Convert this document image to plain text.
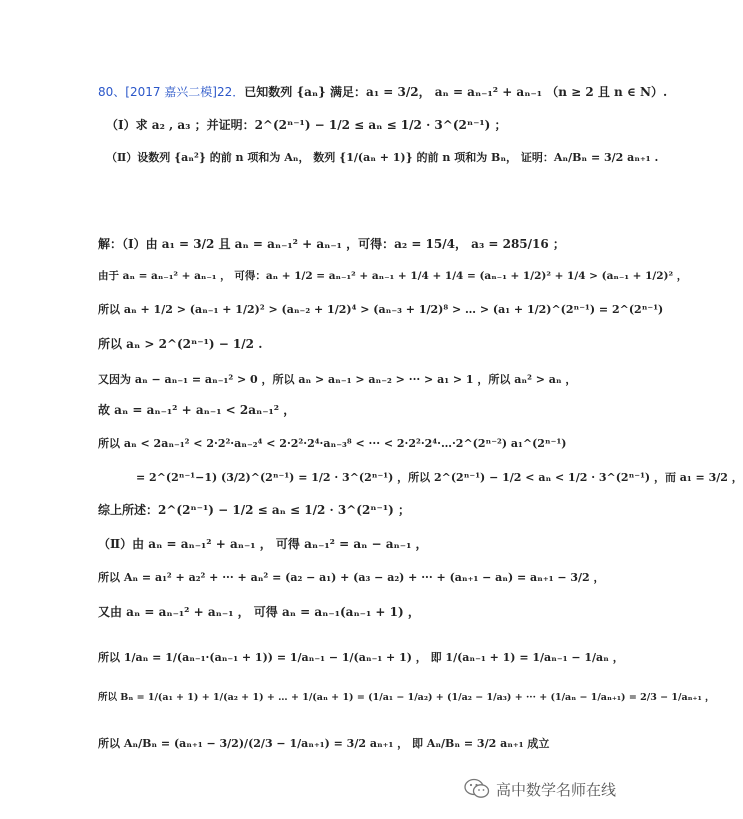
80、[2017 嘉兴二模]22． 已知数列 {aₙ} 满足：a₁ = 3/2， aₙ = aₙ₋₁² + aₙ₋₁ （n ≥ 2 且 n ∈ N）.
（Ⅰ）求 a₂ , a₃ ；并证明：2^(2ⁿ⁻¹) − 1/2 ≤ aₙ ≤ 1/2 · 3^(2ⁿ⁻¹) ；
（Ⅱ）设数列 {aₙ²} 的前 n 项和为 Aₙ， 数列 {1/(aₙ + 1)} 的前 n 项和为 Bₙ， 证明：Aₙ/Bₙ = 3/2 aₙ₊₁ .
解：（Ⅰ）由 a₁ = 3/2 且 aₙ = aₙ₋₁² + aₙ₋₁ ，可得：a₂ = 15/4， a₃ = 285/16 ；
由于 aₙ = aₙ₋₁² + aₙ₋₁ ， 可得：aₙ + 1/2 = aₙ₋₁² + aₙ₋₁ + 1/4 + 1/4 = (aₙ₋₁ + 1/2)² + 1/4 > (aₙ₋₁ + 1/2)² ，
所以 aₙ + 1/2 > (aₙ₋₁ + 1/2)² > (aₙ₋₂ + 1/2)⁴ > (aₙ₋₃ + 1/2)⁸ > … > (a₁ + 1/2)^(2ⁿ⁻¹) = 2^(2ⁿ⁻¹)
所以 aₙ > 2^(2ⁿ⁻¹) − 1/2 .
又因为 aₙ − aₙ₋₁ = aₙ₋₁² > 0 ，所以 aₙ > aₙ₋₁ > aₙ₋₂ > ··· > a₁ > 1 ，所以 aₙ² > aₙ ，
故 aₙ = aₙ₋₁² + aₙ₋₁ < 2aₙ₋₁² ，
所以 aₙ < 2aₙ₋₁² < 2·2²·aₙ₋₂⁴ < 2·2²·2⁴·aₙ₋₃⁸ < ··· < 2·2²·2⁴·…·2^(2ⁿ⁻²) a₁^(2ⁿ⁻¹)
= 2^(2ⁿ⁻¹−1) (3/2)^(2ⁿ⁻¹) = 1/2 · 3^(2ⁿ⁻¹) ，所以 2^(2ⁿ⁻¹) − 1/2 < aₙ < 1/2 · 3^(2ⁿ⁻¹) ，而 a₁ = 3/2 ，
综上所述：2^(2ⁿ⁻¹) − 1/2 ≤ aₙ ≤ 1/2 · 3^(2ⁿ⁻¹) ；
（Ⅱ）由 aₙ = aₙ₋₁² + aₙ₋₁ ， 可得 aₙ₋₁² = aₙ − aₙ₋₁ ，
所以 Aₙ = a₁² + a₂² + ··· + aₙ² = (a₂ − a₁) + (a₃ − a₂) + ··· + (aₙ₊₁ − aₙ) = aₙ₊₁ − 3/2 ，
又由 aₙ = aₙ₋₁² + aₙ₋₁ ， 可得 aₙ = aₙ₋₁(aₙ₋₁ + 1) ，
所以 1/aₙ = 1/(aₙ₋₁·(aₙ₋₁ + 1)) = 1/aₙ₋₁ − 1/(aₙ₋₁ + 1) ， 即 1/(aₙ₋₁ + 1) = 1/aₙ₋₁ − 1/aₙ ，
所以 Bₙ = 1/(a₁ + 1) + 1/(a₂ + 1) + … + 1/(aₙ + 1) = (1/a₁ − 1/a₂) + (1/a₂ − 1/a₃) + ··· + (1/aₙ − 1/aₙ₊₁) = 2/3 − 1/aₙ₊₁ ，
所以 Aₙ/Bₙ = (aₙ₊₁ − 3/2)/(2/3 − 1/aₙ₊₁) = 3/2 aₙ₊₁ ， 即 Aₙ/Bₙ = 3/2 aₙ₊₁ 成立
高中数学名师在线
